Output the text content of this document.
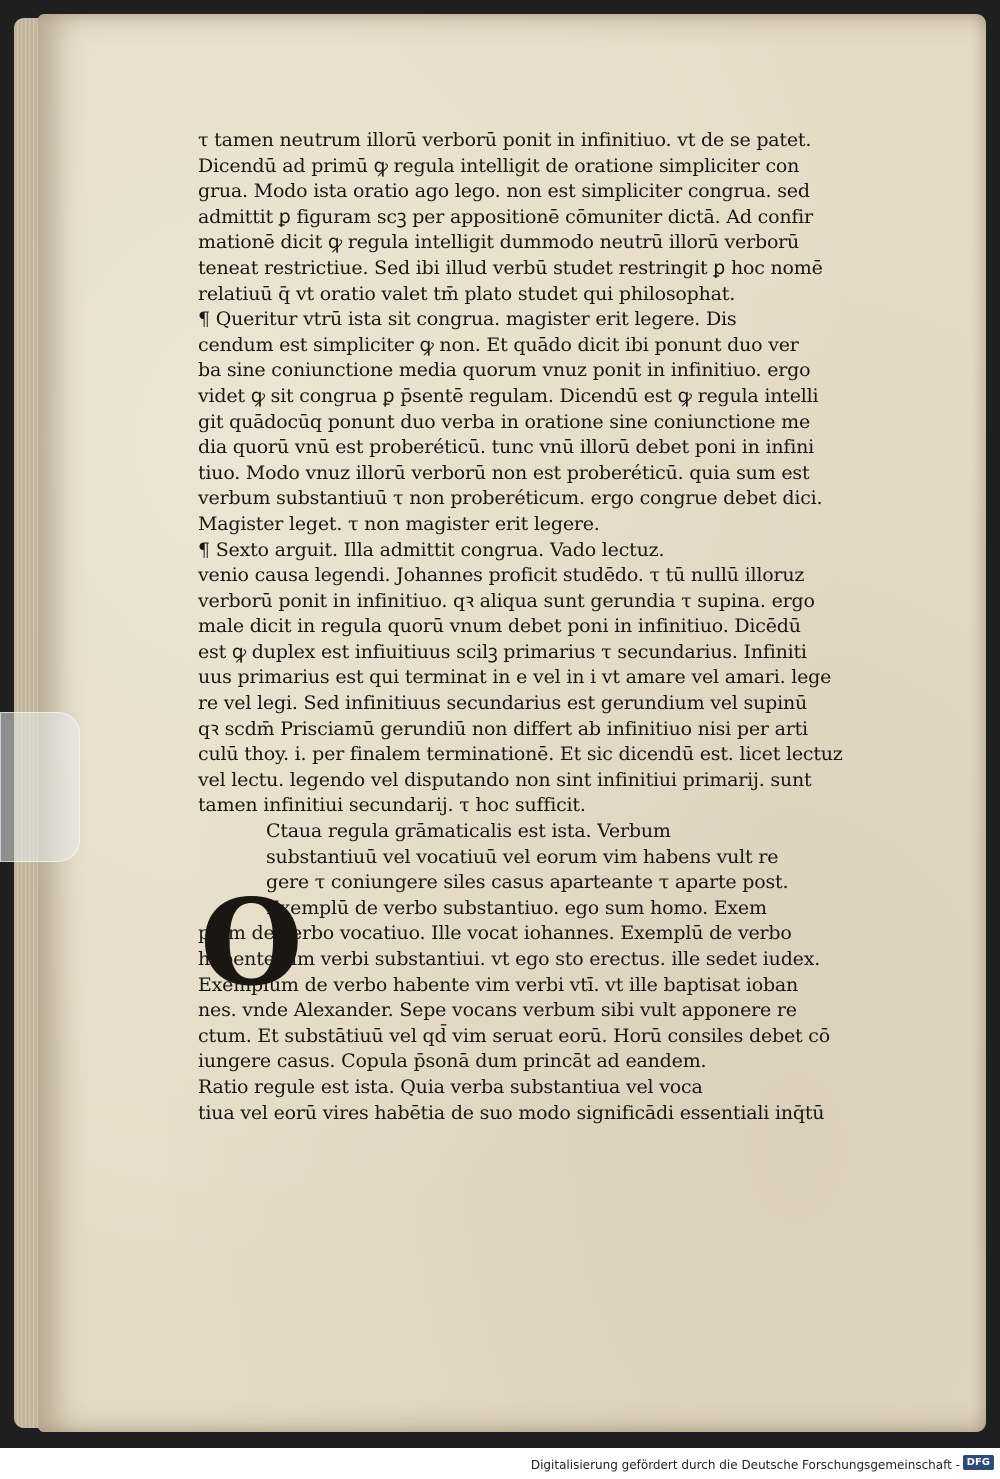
τ tamen neutrum illorū verborū ponit in infinitiuo. vt de se patet.
Dicendū ad primū ꝙ regula intelligit de oratione simpliciter con
grua. Modo ista oratio ago lego. non est simpliciter congrua. sed
admittit ꝑ figuram scꝫ per appositionē cōmuniter dictā. Ad confir
mationē dicit ꝙ regula intelligit dummodo neutrū illorū verborū
teneat restrictiue. Sed ibi illud verbū studet restringit ꝑ hoc nomē
relatiuū q̄ vt oratio valet tm̄ plato studet qui philosophat.
¶ Queritur vtrū ista sit congrua. magister erit legere. Dis
cendum est simpliciter ꝙ non. Et quādo dicit ibi ponunt duo ver
ba sine coniunctione media quorum vnuz ponit in infinitiuo. ergo
videt ꝙ sit congrua ꝑ p̄sentē regulam. Dicendū est ꝙ regula intelli
git quādocūq ponunt duo verba in oratione sine coniunctione me
dia quorū vnū est proberéticū. tunc vnū illorū debet poni in infini
tiuo. Modo vnuz illorū verborū non est proberéticū. quia sum est
verbum substantiuū τ non proberéticum. ergo congrue debet dici.
Magister leget. τ non magister erit legere.
¶ Sexto arguit. Illa admittit congrua. Vado lectuz.
venio causa legendi. Johannes proficit studēdo. τ tū nullū illoruz
verborū ponit in infinitiuo. qꝛ aliqua sunt gerundia τ supina. ergo
male dicit in regula quorū vnum debet poni in infinitiuo. Dicēdū
est ꝙ duplex est infiuitiuus scilꝫ primarius τ secundarius. Infiniti
uus primarius est qui terminat in e vel in i vt amare vel amari. lege
re vel legi. Sed infinitiuus secundarius est gerundium vel supinū
qꝛ scdm̄ Prisciamū gerundiū non differt ab infinitiuo nisi per arti
culū thoy. i. per finalem terminationē. Et sic dicendū est. licet lectuz
vel lectu. legendo vel disputando non sint infinitiui primarij. sunt
tamen infinitiui secundarij. τ hoc sufficit.
Ctaua regula grāmaticalis est ista. Verbum
substantiuū vel vocatiuū vel eorum vim habens vult re
gere τ coniungere siles casus aparteante τ aparte post.
Exemplū de verbo substantiuo. ego sum homo. Exem
plum de verbo vocatiuo. Ille vocat iohannes. Exemplū de verbo
habente vim verbi substantiui. vt ego sto erectus. ille sedet iudex.
Exemplum de verbo habente vim verbi vtī. vt ille baptisat ioban
nes. vnde Alexander. Sepe vocans verbum sibi vult apponere re
ctum. Et substātiuū vel qd̄ vim seruat eorū. Horū consiles debet cō
iungere casus. Copula p̄sonā dum princāt ad eandem.
Ratio regule est ista. Quia verba substantiua vel voca
tiua vel eorū vires habētia de suo modo significādi essentiali inq̄tū
O
Digitalisierung gefördert durch die Deutsche Forschungsgemeinschaft - DFG
